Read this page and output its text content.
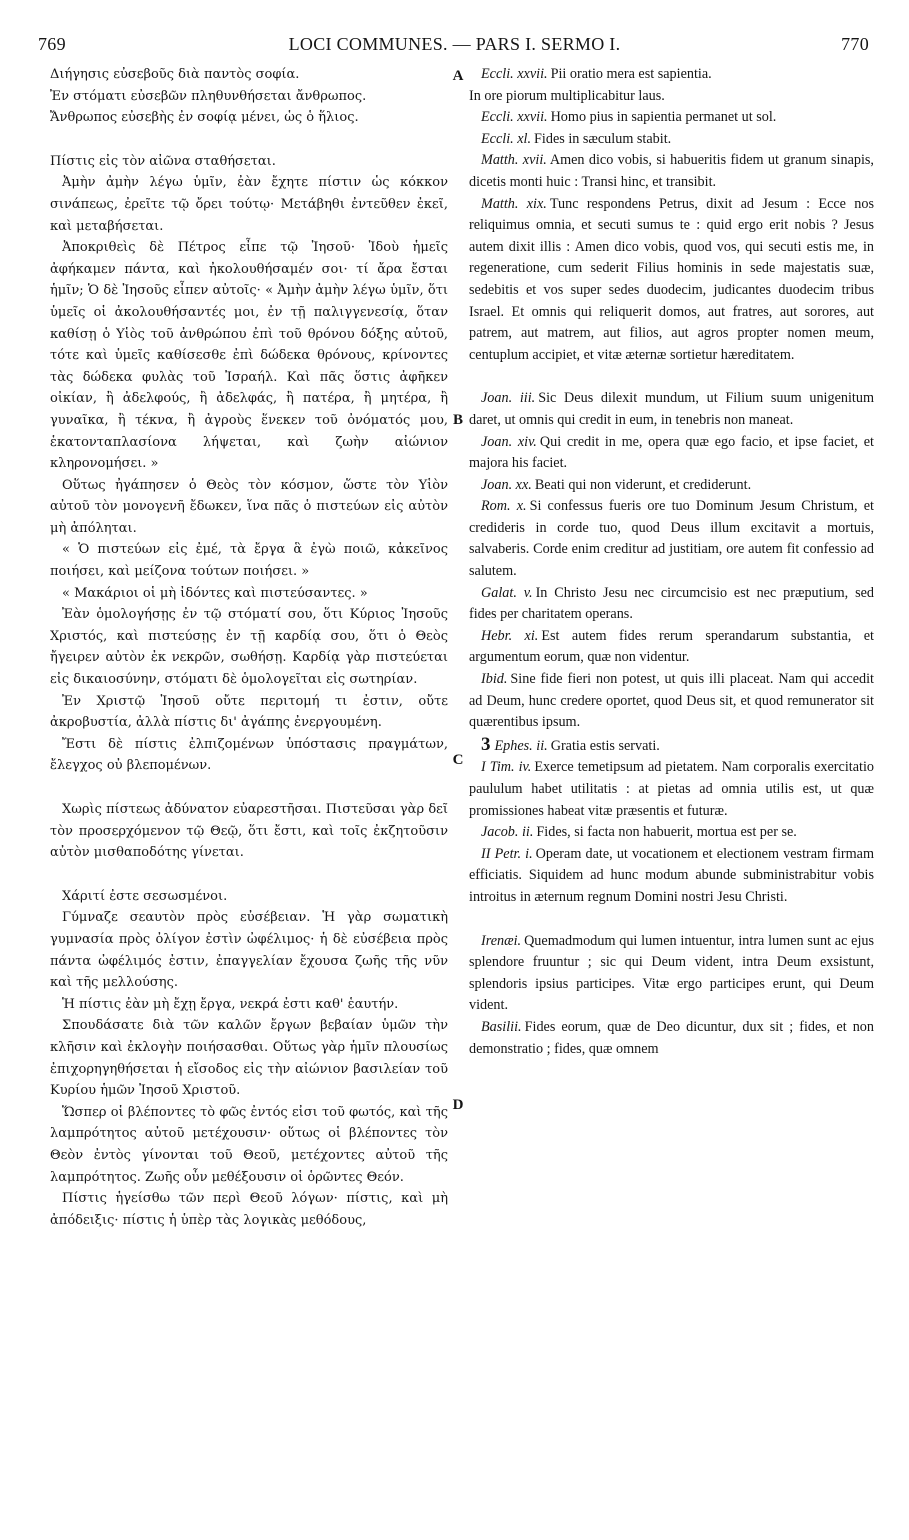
769	LOCI COMMUNES. — PARS I. SERMO I.	770
A
B
C
D

Διήγησις εὐσεβοῦς διὰ παντὸς σοφία.

Ἐν στόματι εὐσεβῶν πληθυνθήσεται ἄνθρωπος.

Ἄνθρωπος εὐσεβὴς ἐν σοφίᾳ μένει, ὡς ὁ ἥλιος.

Πίστις εἰς τὸν αἰῶνα σταθήσεται.

Ἀμὴν ἀμὴν λέγω ὑμῖν, ἐὰν ἔχητε πίστιν ὡς κόκκον σινάπεως, ἐρεῖτε τῷ ὄρει τούτῳ· Μετάβηθι ἐντεῦθεν ἐκεῖ, καὶ μεταβήσεται.

Ἀποκριθεὶς δὲ Πέτρος εἶπε τῷ Ἰησοῦ· Ἰδοὺ ἡμεῖς ἀφήκαμεν πάντα, καὶ ἠκολουθήσαμέν σοι· τί ἄρα ἔσται ἡμῖν; Ὁ δὲ Ἰησοῦς εἶπεν αὐτοῖς· « Ἀμὴν ἀμὴν λέγω ὑμῖν, ὅτι ὑμεῖς οἱ ἀκολουθήσαντές μοι, ἐν τῇ παλιγγενεσίᾳ, ὅταν καθίσῃ ὁ Υἱὸς τοῦ ἀνθρώπου ἐπὶ τοῦ θρόνου δόξης αὐτοῦ, τότε καὶ ὑμεῖς καθίσεσθε ἐπὶ δώδεκα θρόνους, κρίνοντες τὰς δώδεκα φυλὰς τοῦ Ἰσραήλ. Καὶ πᾶς ὅστις ἀφῆκεν οἰκίαν, ἢ ἀδελφούς, ἢ ἀδελφάς, ἢ πατέρα, ἢ μητέρα, ἢ γυναῖκα, ἢ τέκνα, ἢ ἀγροὺς ἕνεκεν τοῦ ὀνόματός μου, ἑκατονταπλασίονα λήψεται, καὶ ζωὴν αἰώνιον κληρονομήσει. »

Οὕτως ἠγάπησεν ὁ Θεὸς τὸν κόσμον, ὥστε τὸν Υἱὸν αὐτοῦ τὸν μονογενῆ ἔδωκεν, ἵνα πᾶς ὁ πιστεύων εἰς αὐτὸν μὴ ἀπόληται.

« Ὁ πιστεύων εἰς ἐμέ, τὰ ἔργα ἃ ἐγὼ ποιῶ, κἀκεῖνος ποιήσει, καὶ μείζονα τούτων ποιήσει. »

« Μακάριοι οἱ μὴ ἰδόντες καὶ πιστεύσαντες. »

Ἐὰν ὁμολογήσῃς ἐν τῷ στόματί σου, ὅτι Κύριος Ἰησοῦς Χριστός, καὶ πιστεύσῃς ἐν τῇ καρδίᾳ σου, ὅτι ὁ Θεὸς ἤγειρεν αὐτὸν ἐκ νεκρῶν, σωθήσῃ. Καρδίᾳ γὰρ πιστεύεται εἰς δικαιοσύνην, στόματι δὲ ὁμολογεῖται εἰς σωτηρίαν.

Ἐν Χριστῷ Ἰησοῦ οὔτε περιτομή τι ἐστιν, οὔτε ἀκροβυστία, ἀλλὰ πίστις δι' ἀγάπης ἐνεργουμένη.

Ἔστι δὲ πίστις ἐλπιζομένων ὑπόστασις πραγμάτων, ἔλεγχος οὐ βλεπομένων.

Χωρὶς πίστεως ἀδύνατον εὐαρεστῆσαι. Πιστεῦσαι γὰρ δεῖ τὸν προσερχόμενον τῷ Θεῷ, ὅτι ἔστι, καὶ τοῖς ἐκζητοῦσιν αὐτὸν μισθαποδότης γίνεται.

Χάριτί ἐστε σεσωσμένοι.

Γύμναζε σεαυτὸν πρὸς εὐσέβειαν. Ἡ γὰρ σωματικὴ γυμνασία πρὸς ὀλίγον ἐστὶν ὠφέλιμος· ἡ δὲ εὐσέβεια πρὸς πάντα ὠφέλιμός ἐστιν, ἐπαγγελίαν ἔχουσα ζωῆς τῆς νῦν καὶ τῆς μελλούσης.

Ἡ πίστις ἐὰν μὴ ἔχῃ ἔργα, νεκρά ἐστι καθ' ἑαυτήν.

Σπουδάσατε διὰ τῶν καλῶν ἔργων βεβαίαν ὑμῶν τὴν κλῆσιν καὶ ἐκλογὴν ποιήσασθαι. Οὕτως γὰρ ἡμῖν πλουσίως ἐπιχορηγηθήσεται ἡ εἴσοδος εἰς τὴν αἰώνιον βασιλείαν τοῦ Κυρίου ἡμῶν Ἰησοῦ Χριστοῦ.

Ὥσπερ οἱ βλέποντες τὸ φῶς ἐντός εἰσι τοῦ φωτός, καὶ τῆς λαμπρότητος αὐτοῦ μετέχουσιν· οὕτως οἱ βλέποντες τὸν Θεὸν ἐντὸς γίνονται τοῦ Θεοῦ, μετέχοντες αὐτοῦ τῆς λαμπρότητος. Ζωῆς οὖν μεθέξουσιν οἱ ὁρῶντες Θεόν.

Πίστις ἡγείσθω τῶν περὶ Θεοῦ λόγων· πίστις, καὶ μὴ ἀπόδειξις· πίστις ἡ ὑπὲρ τὰς λογικὰς μεθόδους,

Eccli. xxvii. Pii oratio mera est sapientia.

In ore piorum multiplicabitur laus.

Eccli. xxvii. Homo pius in sapientia permanet ut sol.

Eccli. xl. Fides in sæculum stabit.

Matth. xvii. Amen dico vobis, si habueritis fidem ut granum sinapis, dicetis monti huic : Transi hinc, et transibit.

Matth. xix. Tunc respondens Petrus, dixit ad Jesum : Ecce nos reliquimus omnia, et secuti sumus te : quid ergo erit nobis ? Jesus autem dixit illis : Amen dico vobis, quod vos, qui secuti estis me, in regeneratione, cum sederit Filius hominis in sede majestatis suæ, sedebitis et vos super sedes duodecim, judicantes duodecim tribus Israel. Et omnis qui reliquerit domos, aut fratres, aut sorores, aut patrem, aut matrem, aut filios, aut agros propter nomen meum, centuplum accipiet, et vitæ æternæ sortietur hæreditatem.

Joan. iii. Sic Deus dilexit mundum, ut Filium suum unigenitum daret, ut omnis qui credit in eum, in tenebris non maneat.

Joan. xiv. Qui credit in me, opera quæ ego facio, et ipse faciet, et majora his faciet.

Joan. xx. Beati qui non viderunt, et crediderunt.

Rom. x. Si confessus fueris ore tuo Dominum Jesum Christum, et credideris in corde tuo, quod Deus illum excitavit a mortuis, salvaberis. Corde enim creditur ad justitiam, ore autem fit confessio ad salutem.

Galat. v. In Christo Jesu nec circumcisio est nec præputium, sed fides per charitatem operans.

Hebr. xi. Est autem fides rerum sperandarum substantia, et argumentum eorum, quæ non videntur.

Ibid. Sine fide fieri non potest, ut quis illi placeat. Nam qui accedit ad Deum, hunc credere oportet, quod Deus sit, et quod remunerator sit quærentibus ipsum.

3 Ephes. ii. Gratia estis servati.

I Tim. iv. Exerce temetipsum ad pietatem. Nam corporalis exercitatio paululum habet utilitatis : at pietas ad omnia utilis est, ut quæ promissiones habeat vitæ præsentis et futuræ.

Jacob. ii. Fides, si facta non habuerit, mortua est per se.

II Petr. i. Operam date, ut vocationem et electionem vestram firmam efficiatis. Siquidem ad hunc modum abunde subministrabitur vobis introitus in æternum regnum Domini nostri Jesu Christi.

Irenæi. Quemadmodum qui lumen intuentur, intra lumen sunt ac ejus splendore fruuntur ; sic qui Deum vident, intra Deum exsistunt, splendoris ipsius participes. Vitæ ergo participes erunt, qui Deum vident.

Basilii. Fides eorum, quæ de Deo dicuntur, dux sit ; fides, et non demonstratio ; fides, quæ omnem
